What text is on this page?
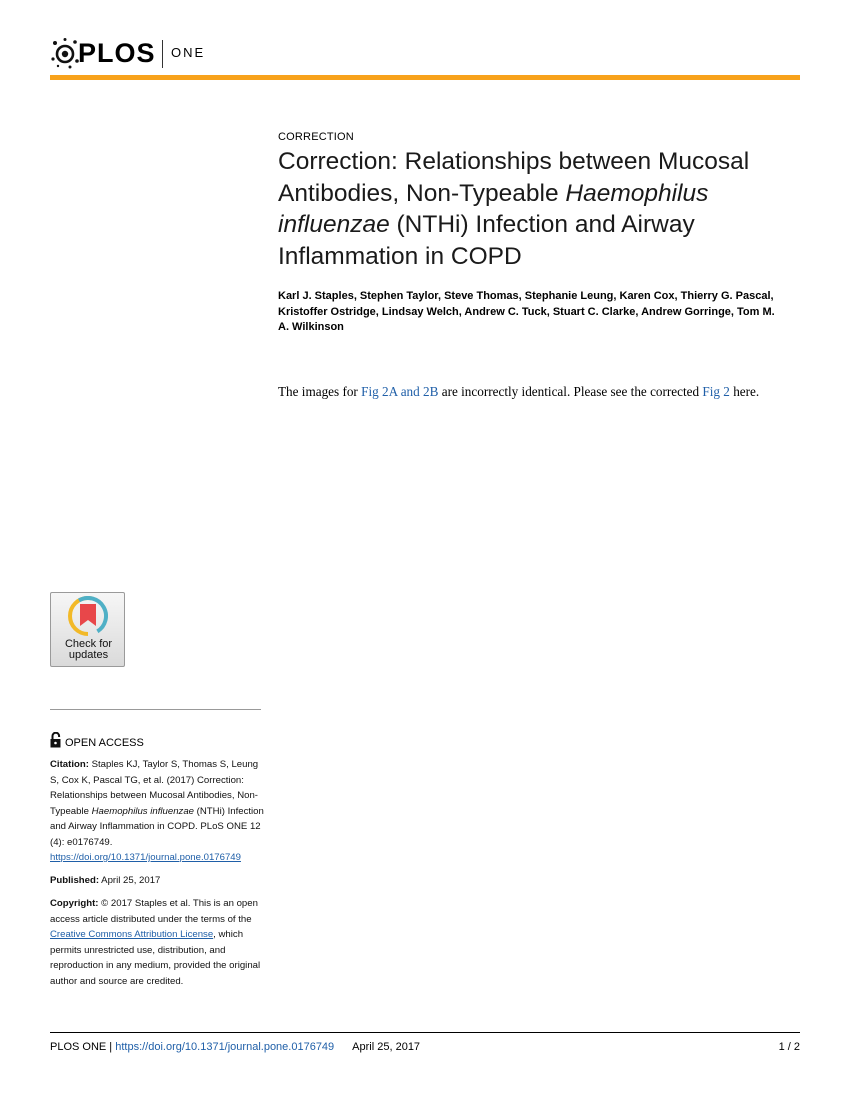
PLOS ONE
CORRECTION
Correction: Relationships between Mucosal Antibodies, Non-Typeable Haemophilus influenzae (NTHi) Infection and Airway Inflammation in COPD
Karl J. Staples, Stephen Taylor, Steve Thomas, Stephanie Leung, Karen Cox, Thierry G. Pascal, Kristoffer Ostridge, Lindsay Welch, Andrew C. Tuck, Stuart C. Clarke, Andrew Gorringe, Tom M. A. Wilkinson
The images for Fig 2A and 2B are incorrectly identical. Please see the corrected Fig 2 here.
Check for updates
OPEN ACCESS
Citation: Staples KJ, Taylor S, Thomas S, Leung S, Cox K, Pascal TG, et al. (2017) Correction: Relationships between Mucosal Antibodies, Non-Typeable Haemophilus influenzae (NTHi) Infection and Airway Inflammation in COPD. PLoS ONE 12 (4): e0176749. https://doi.org/10.1371/journal.pone.0176749
Published: April 25, 2017
Copyright: © 2017 Staples et al. This is an open access article distributed under the terms of the Creative Commons Attribution License, which permits unrestricted use, distribution, and reproduction in any medium, provided the original author and source are credited.
PLOS ONE | https://doi.org/10.1371/journal.pone.0176749 April 25, 2017	1 / 2
